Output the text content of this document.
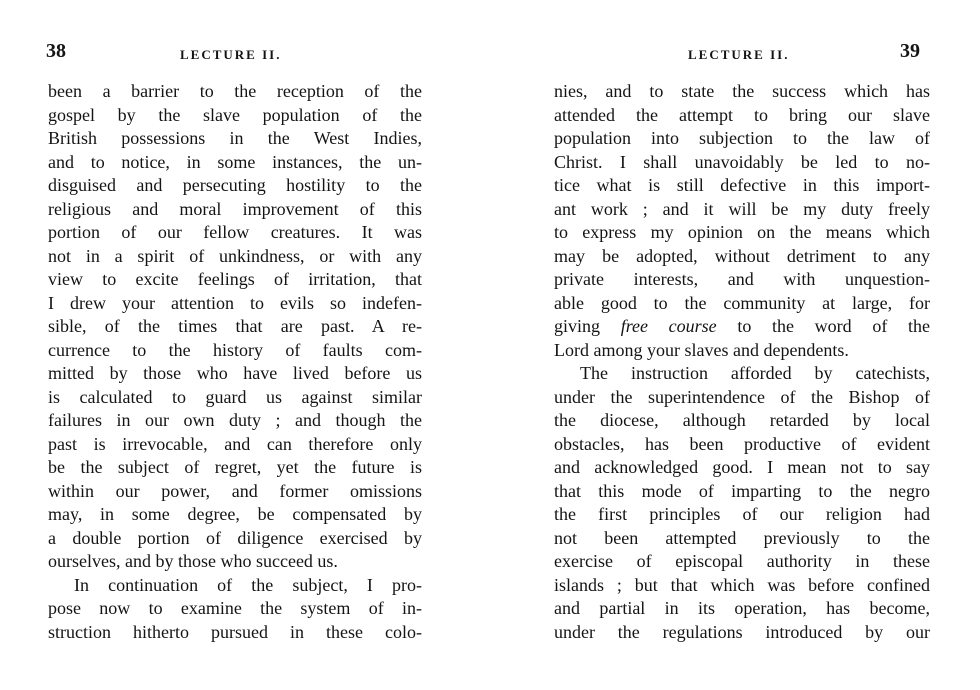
38	LECTURE II.
been a barrier to the reception of the
gospel by the slave population of the
British possessions in the West Indies,
and to notice, in some instances, the un-
disguised and persecuting hostility to the
religious and moral improvement of this
portion of our fellow creatures. It was
not in a spirit of unkindness, or with any
view to excite feelings of irritation, that
I drew your attention to evils so indefen-
sible, of the times that are past. A re-
currence to the history of faults com-
mitted by those who have lived before us
is calculated to guard us against similar
failures in our own duty ; and though the
past is irrevocable, and can therefore only
be the subject of regret, yet the future is
within our power, and former omissions
may, in some degree, be compensated by
a double portion of diligence exercised by
ourselves, and by those who succeed us.
In continuation of the subject, I pro-
pose now to examine the system of in-
struction hitherto pursued in these colo-
LECTURE II.	39
nies, and to state the success which has
attended the attempt to bring our slave
population into subjection to the law of
Christ. I shall unavoidably be led to no-
tice what is still defective in this import-
ant work ; and it will be my duty freely
to express my opinion on the means which
may be adopted, without detriment to any
private interests, and with unquestion-
able good to the community at large, for
giving free course to the word of the
Lord among your slaves and dependents.
The instruction afforded by catechists,
under the superintendence of the Bishop of
the diocese, although retarded by local
obstacles, has been productive of evident
and acknowledged good. I mean not to say
that this mode of imparting to the negro
the first principles of our religion had
not been attempted previously to the
exercise of episcopal authority in these
islands ; but that which was before confined
and partial in its operation, has become,
under the regulations introduced by our
